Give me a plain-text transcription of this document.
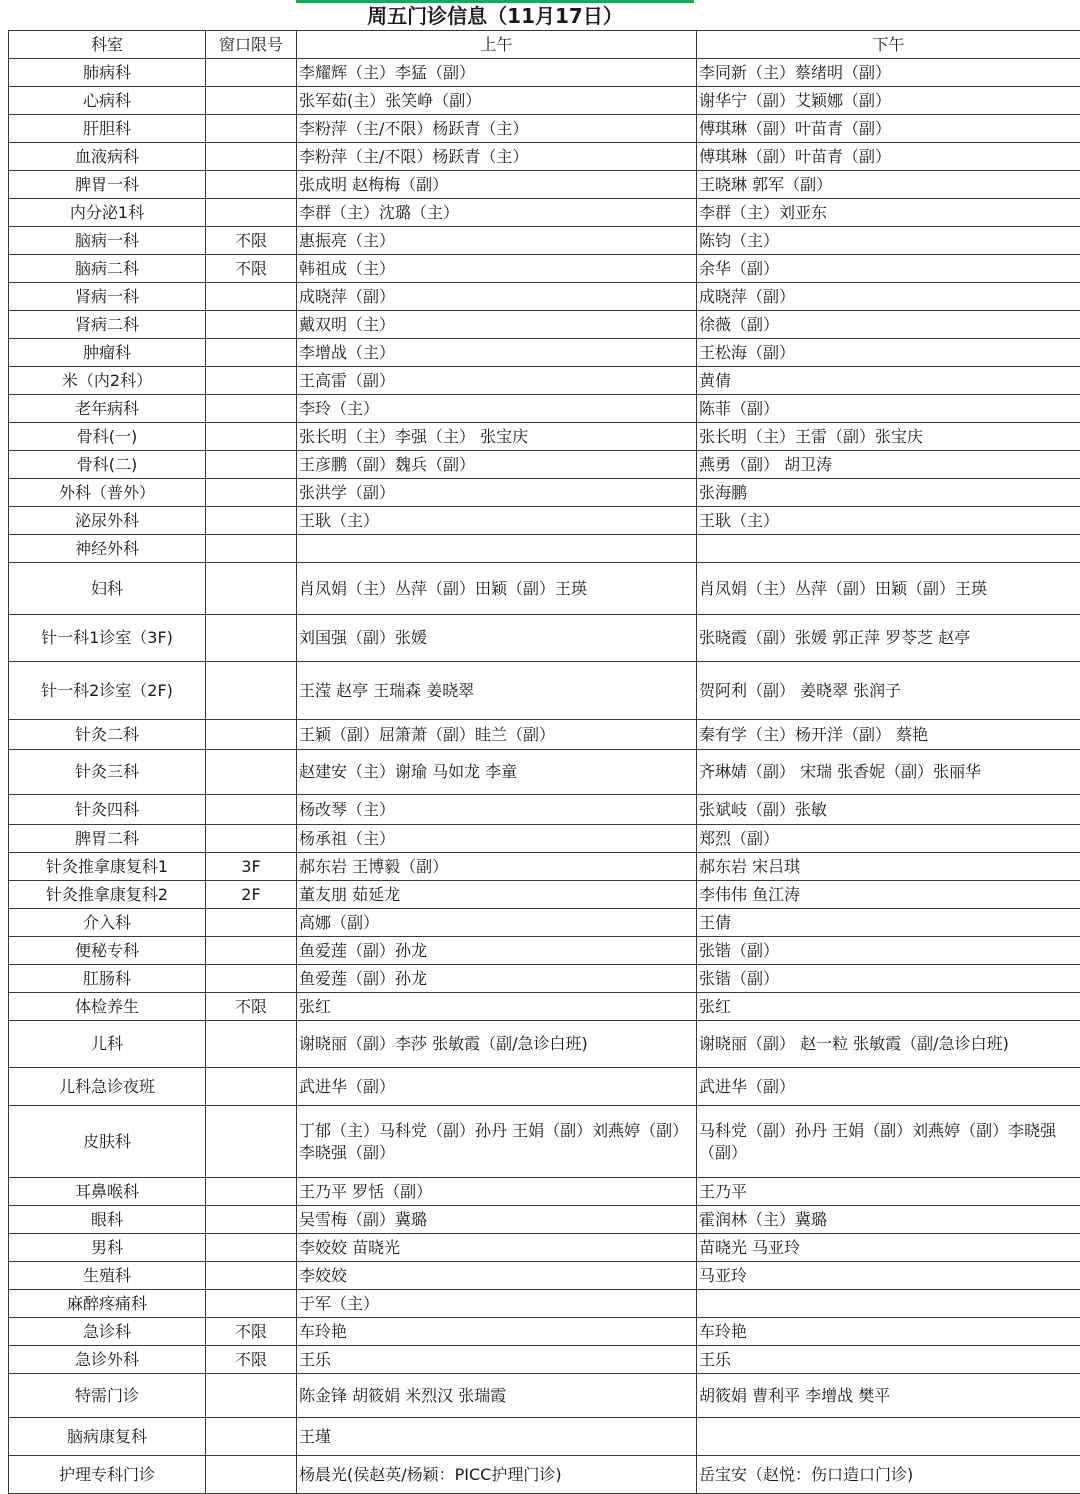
周五门诊信息（11月17日）
科室	窗口限号	上午	下午
肺病科		李耀辉（主）李猛（副）	李同新（主）蔡绪明（副）
心病科		张军茹(主）张笑峥（副）	谢华宁（副）艾颖娜（副）
肝胆科		李粉萍（主/不限）杨跃青（主）	傅琪琳（副）叶苗青（副）
血液病科		李粉萍（主/不限）杨跃青（主）	傅琪琳（副）叶苗青（副）
脾胃一科		张成明 赵梅梅（副）	王晓琳 郭军（副）
内分泌1科		李群（主）沈璐（主）	李群（主）刘亚东
脑病一科	不限	惠振亮（主）	陈钧（主）
脑病二科	不限	韩祖成（主）	余华（副）
肾病一科		成晓萍（副）	成晓萍（副）
肾病二科		戴双明（主）	徐薇（副）
肿瘤科		李增战（主）	王松海（副）
米（内2科）		王高雷（副）	黄倩
老年病科		李玲（主）	陈菲（副）
骨科(一)		张长明（主）李强（主） 张宝庆	张长明（主）王雷（副）张宝庆
骨科(二)		王彦鹏（副）魏兵（副）	燕勇（副） 胡卫涛
外科（普外）		张洪学（副）	张海鹏
泌尿外科		王耿（主）	王耿（主）
神经外科			
妇科		肖凤娟（主）丛萍（副）田颖（副）王瑛	肖凤娟（主）丛萍（副）田颖（副）王瑛
针一科1诊室（3F)		刘国强（副）张媛	张晓霞（副）张媛 郭正萍 罗苓芝 赵亭
针一科2诊室（2F)		王滢 赵亭 王瑞森 姜晓翠	贺阿利（副） 姜晓翠 张润子
针灸二科		王颖（副）屈箫萧（副）眭兰（副）	秦有学（主）杨开洋（副） 蔡艳
针灸三科		赵建安（主）谢瑜 马如龙 李童	齐琳婧（副） 宋瑞 张香妮（副）张丽华
针灸四科		杨改琴（主）	张斌岐（副）张敏
脾胃二科		杨承祖（主）	郑烈（副）
针灸推拿康复科1	3F	郝东岩 王博毅（副）	郝东岩 宋吕琪
针灸推拿康复科2	2F	董友朋 茹延龙	李伟伟 鱼江涛
介入科		高娜（副）	王倩
便秘专科		鱼爱莲（副）孙龙	张锴（副）
肛肠科		鱼爱莲（副）孙龙	张锴（副）
体检养生	不限	张红	张红
儿科		谢晓丽（副）李莎 张敏霞（副/急诊白班)	谢晓丽（副） 赵一粒 张敏霞（副/急诊白班)
儿科急诊夜班		武进华（副）	武进华（副）
皮肤科		丁郁（主）马科党（副）孙丹 王娟（副）刘燕婷（副）李晓强（副）	马科党（副）孙丹 王娟（副）刘燕婷（副）李晓强（副）
耳鼻喉科		王乃平 罗恬（副）	王乃平
眼科		吴雪梅（副）冀璐	霍润林（主）冀璐
男科		李姣姣 苗晓光	苗晓光 马亚玲
生殖科		李姣姣	马亚玲
麻醉疼痛科		于军（主）	
急诊科	不限	车玲艳	车玲艳
急诊外科	不限	王乐	王乐
特需门诊		陈金锋 胡筱娟 米烈汉 张瑞霞	胡筱娟 曹利平 李增战 樊平
脑病康复科		王瑾	
护理专科门诊		杨晨光(侯赵英/杨颖：PICC护理门诊)	岳宝安（赵悦：伤口造口门诊)
